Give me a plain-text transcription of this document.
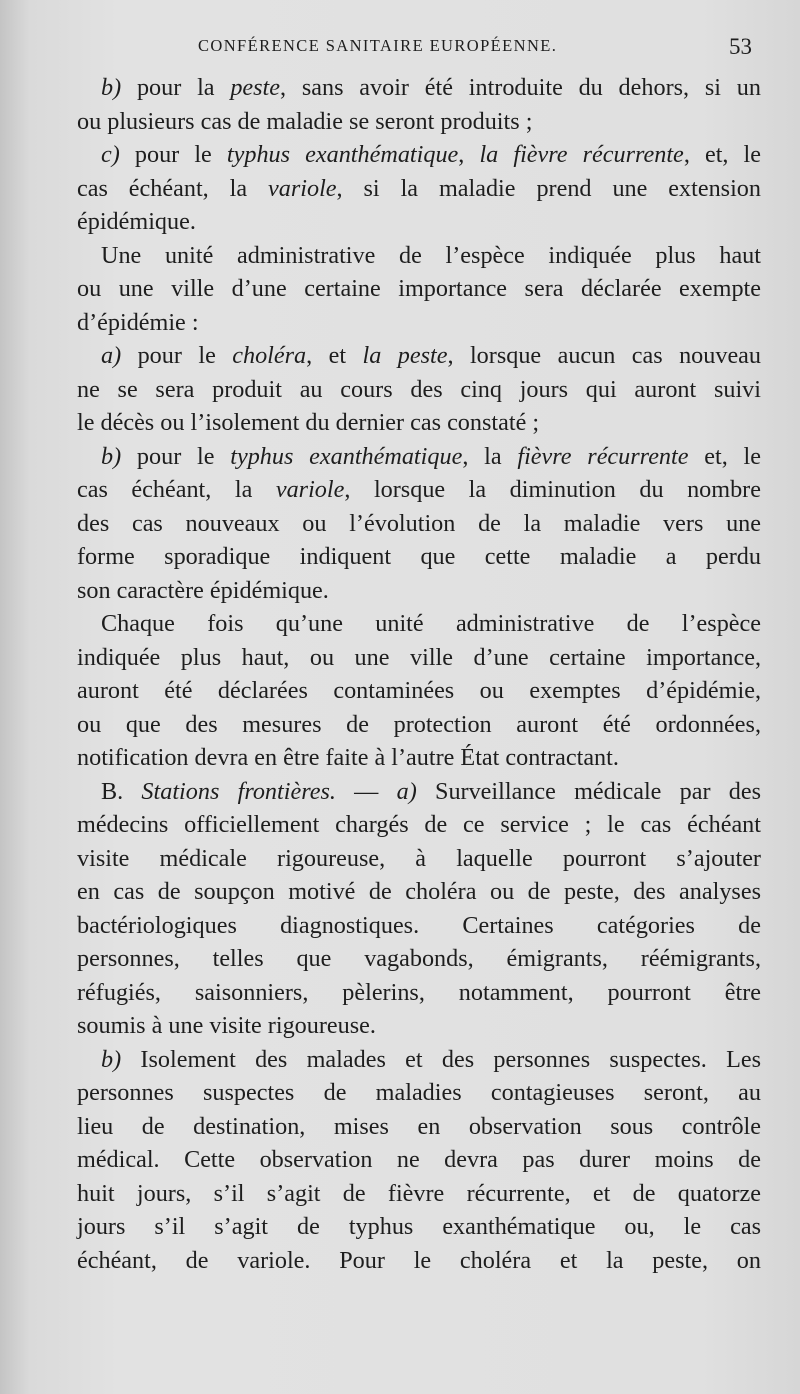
CONFÉRENCE SANITAIRE EUROPÉENNE.	53
b) pour la peste, sans avoir été introduite du dehors, si un
ou plusieurs cas de maladie se seront produits ;
c) pour le typhus exanthématique, la fièvre récurrente, et, le
cas échéant, la variole, si la maladie prend une extension
épidémique.
Une unité administrative de l’espèce indiquée plus haut
ou une ville d’une certaine importance sera déclarée exempte
d’épidémie :
a) pour le choléra, et la peste, lorsque aucun cas nouveau
ne se sera produit au cours des cinq jours qui auront suivi
le décès ou l’isolement du dernier cas constaté ;
b) pour le typhus exanthématique, la fièvre récurrente et, le
cas échéant, la variole, lorsque la diminution du nombre
des cas nouveaux ou l’évolution de la maladie vers une
forme sporadique indiquent que cette maladie a perdu
son caractère épidémique.
Chaque fois qu’une unité administrative de l’espèce
indiquée plus haut, ou une ville d’une certaine importance,
auront été déclarées contaminées ou exemptes d’épidémie,
ou que des mesures de protection auront été ordonnées,
notification devra en être faite à l’autre État contractant.
B. Stations frontières. — a) Surveillance médicale par des
médecins officiellement chargés de ce service ; le cas échéant
visite médicale rigoureuse, à laquelle pourront s’ajouter
en cas de soupçon motivé de choléra ou de peste, des analyses
bactériologiques diagnostiques. Certaines catégories de
personnes, telles que vagabonds, émigrants, réémigrants,
réfugiés, saisonniers, pèlerins, notamment, pourront être
soumis à une visite rigoureuse.
b) Isolement des malades et des personnes suspectes. Les
personnes suspectes de maladies contagieuses seront, au
lieu de destination, mises en observation sous contrôle
médical. Cette observation ne devra pas durer moins de
huit jours, s’il s’agit de fièvre récurrente, et de quatorze
jours s’il s’agit de typhus exanthématique ou, le cas
échéant, de variole. Pour le choléra et la peste, on
